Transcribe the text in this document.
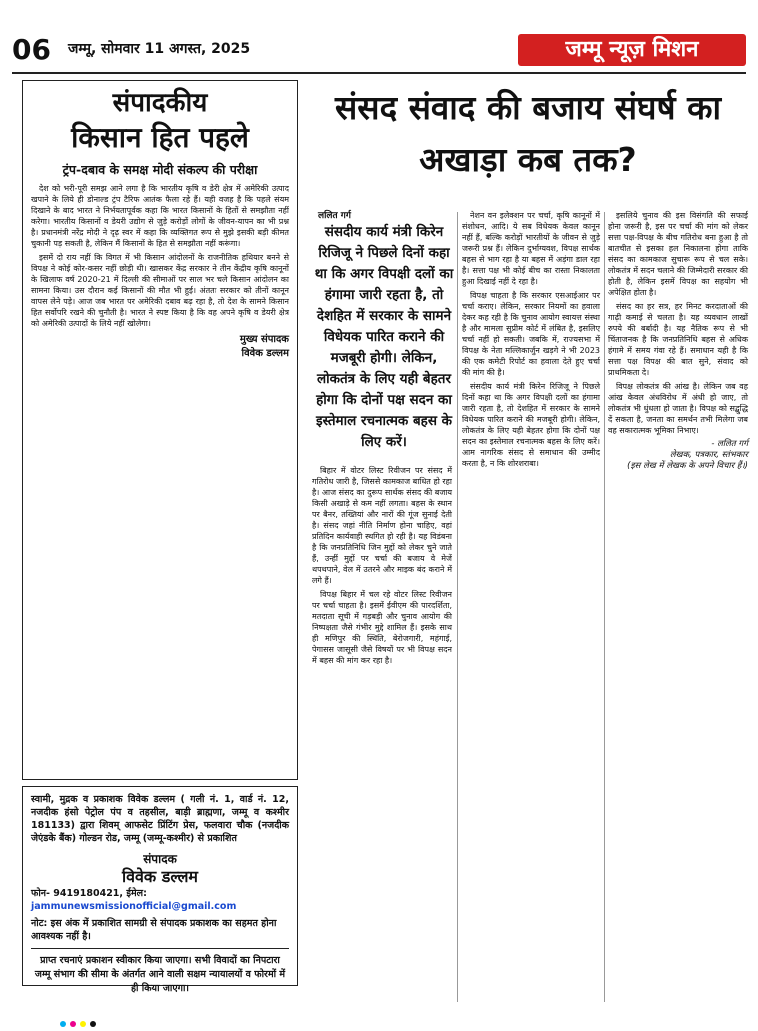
06	जम्मू, सोमवार 11 अगस्त, 2025	जम्मू न्यूज़ मिशन
संपादकीय
किसान हित पहले
ट्रंप-दबाव के समक्ष मोदी संकल्प की परीक्षा

देश को भरी-पूरी समझ आने लगा है कि भारतीय कृषि व डेरी क्षेत्र में अमेरिकी उत्पाद खपाने के लिये ही डोनाल्ड ट्रंप टैरिफ आतंक फैला रहे हैं। यही वजह है कि पहले संयम दिखाने के बाद भारत ने निर्भयतापूर्वक कहा कि भारत किसानों के हितों से समझौता नहीं करेगा। भारतीय किसानों व डेयरी उद्योग से जुड़े करोड़ों लोगों के जीवन-यापन का भी प्रश्न है। प्रधानमंत्री नरेंद्र मोदी ने दृढ़ स्वर में कहा कि व्यक्तिगत रूप से मुझे इसकी बड़ी कीमत चुकानी पड़ सकती है, लेकिन मैं किसानों के हित से समझौता नहीं करूंगा।

इसमें दो राय नहीं कि विगत में भी किसान आंदोलनों के राजनीतिक हथियार बनने से विपक्ष ने कोई कोर-कसर नहीं छोड़ी थी। खासकर केंद्र सरकार ने तीन केंद्रीय कृषि कानूनों के खिलाफ वर्ष 2020-21 में दिल्ली की सीमाओं पर साल भर चले किसान आंदोलन का सामना किया। उस दौरान कई किसानों की मौत भी हुई। अंततः सरकार को तीनों कानून वापस लेने पड़े। आज जब भारत पर अमेरिकी दबाव बढ़ रहा है, तो देश के सामने किसान हित सर्वोपरि रखने की चुनौती है। भारत ने स्पष्ट किया है कि वह अपने कृषि व डेयरी क्षेत्र को अमेरिकी उत्पादों के लिये नहीं खोलेगा।

मुख्य संपादक
विवेक डल्लम

स्वामी, मुद्रक व प्रकाशक विवेक डल्लम ( गली नं. 1, वार्ड नं. 12, नजदीक हंसो पेट्रोल पंप व तहसील, बाड़ी ब्राह्मणा, जम्मू व कश्मीर 181133) द्वारा शिवम् आफसेट प्रिंटिंग प्रेस, फलवारा चौक (नजदीक जेएंडके बैंक) गोल्डन रोड, जम्मू (जम्मू-कश्मीर) से प्रकाशित

संपादक
विवेक डल्लम
फोन- 9419180421, ईमेल: jammunewsmissionofficial@gmail.com
नोट: इस अंक में प्रकाशित सामग्री से संपादक प्रकाशक का सहमत होना आवश्यक नहीं है।
प्राप्त रचनाएं प्रकाशन स्वीकार किया जाएगा। सभी विवादों का निपटारा जम्मू संभाग की सीमा के अंतर्गत आने वाली सक्षम न्यायालयों व फोरमों में ही किया जाएगा।
संसद संवाद की बजाय संघर्ष का अखाड़ा कब तक?
ललित गर्ग
संसदीय कार्य मंत्री किरेन रिजिजू ने पिछले दिनों कहा था कि अगर विपक्षी दलों का हंगामा जारी रहता है, तो देशहित में सरकार के सामने विधेयक पारित कराने की मजबूरी होगी। लेकिन, लोकतंत्र के लिए यही बेहतर होगा कि दोनों पक्ष सदन का इस्तेमाल रचनात्मक बहस के लिए करें।

बिहार में वोटर लिस्ट रिवीजन पर संसद में गतिरोध जारी है, जिससे कामकाज बाधित हो रहा है। आज संसद का दुरूप सार्थक संसद की बजाय किसी अखाड़े से कम नहीं लगता। बहस के स्थान पर बैनर, तख्तियां और नारों की गूंज सुनाई देती है। संसद जहां नीति निर्माण होना चाहिए, वहां प्रतिदिन कार्यवाही स्थगित हो रही है। यह विडंबना है कि जनप्रतिनिधि जिन मुद्दों को लेकर चुने जाते हैं, उन्हीं मुद्दों पर चर्चा की बजाय वे मेजें थपथपाने, वेल में उतरने और माइक बंद कराने में लगे हैं।

विपक्ष बिहार में चल रहे वोटर लिस्ट रिवीजन पर चर्चा चाहता है। इसमें ईवीएम की पारदर्शिता, मतदाता सूची में गड़बड़ी और चुनाव आयोग की निष्पक्षता जैसे गंभीर मुद्दे शामिल हैं। इसके साथ ही मणिपुर की स्थिति, बेरोजगारी, महंगाई, पेगासस जासूसी जैसे विषयों पर भी विपक्ष सदन में बहस की मांग कर रहा है।

नेशन वन इलेक्शन पर चर्चा, कृषि कानूनों में संशोधन, आदि। ये सब विधेयक केवल कानून नहीं हैं, बल्कि करोड़ों भारतीयों के जीवन से जुड़े जरूरी प्रश्न हैं। लेकिन दुर्भाग्यवश, विपक्ष सार्थक बहस से भाग रहा है या बहस में अड़ंगा डाल रहा है। सत्ता पक्ष भी कोई बीच का रास्ता निकालता हुआ दिखाई नहीं दे रहा है।

विपक्ष चाहता है कि सरकार एसआईआर पर चर्चा कराए। लेकिन, सरकार नियमों का हवाला देकर कह रही है कि चुनाव आयोग स्वायत्त संस्था है और मामला सुप्रीम कोर्ट में लंबित है, इसलिए चर्चा नहीं हो सकती। जबकि में, राज्यसभा में विपक्ष के नेता मल्लिकार्जुन खड़गे ने भी 2023 की एक कमेटी रिपोर्ट का हवाला देते हुए चर्चा की मांग की है।

संसदीय कार्य मंत्री किरेन रिजिजू ने पिछले दिनों कहा था कि अगर विपक्षी दलों का हंगामा जारी रहता है, तो देशहित में सरकार के सामने विधेयक पारित कराने की मजबूरी होगी। लेकिन, लोकतंत्र के लिए यही बेहतर होगा कि दोनों पक्ष सदन का इस्तेमाल रचनात्मक बहस के लिए करें। आम नागरिक संसद से समाधान की उम्मीद करता है, न कि शोरशराबा।

इसलिये चुनाव की इस विसंगति की सफाई होना जरूरी है, इस पर चर्चा की मांग को लेकर सत्ता पक्ष-विपक्ष के बीच गतिरोध बना हुआ है तो बातचीत से इसका हल निकालना होगा ताकि संसद का कामकाज सुचारू रूप से चल सके। लोकतंत्र में सदन चलाने की जिम्मेदारी सरकार की होती है, लेकिन इसमें विपक्ष का सहयोग भी अपेक्षित होता है।

संसद का हर सत्र, हर मिनट करदाताओं की गाढ़ी कमाई से चलता है। यह व्यवधान लाखों रुपये की बर्बादी है। यह नैतिक रूप से भी चिंताजनक है कि जनप्रतिनिधि बहस से अधिक हंगामे में समय गंवा रहे हैं। समाधान यही है कि सत्ता पक्ष विपक्ष की बात सुने, संवाद को प्राथमिकता दे।

विपक्ष लोकतंत्र की आंख है। लेकिन जब वह आंख केवल अंधविरोध में अंधी हो जाए, तो लोकतंत्र भी धुंधला हो जाता है। विपक्ष को सद्बुद्धि दें सकता है, जनता का समर्थन तभी मिलेगा जब वह सकारात्मक भूमिका निभाए।

- ललित गर्ग
लेखक, पत्रकार, स्तंभकार
(इस लेख में लेखक के अपने विचार हैं।)
